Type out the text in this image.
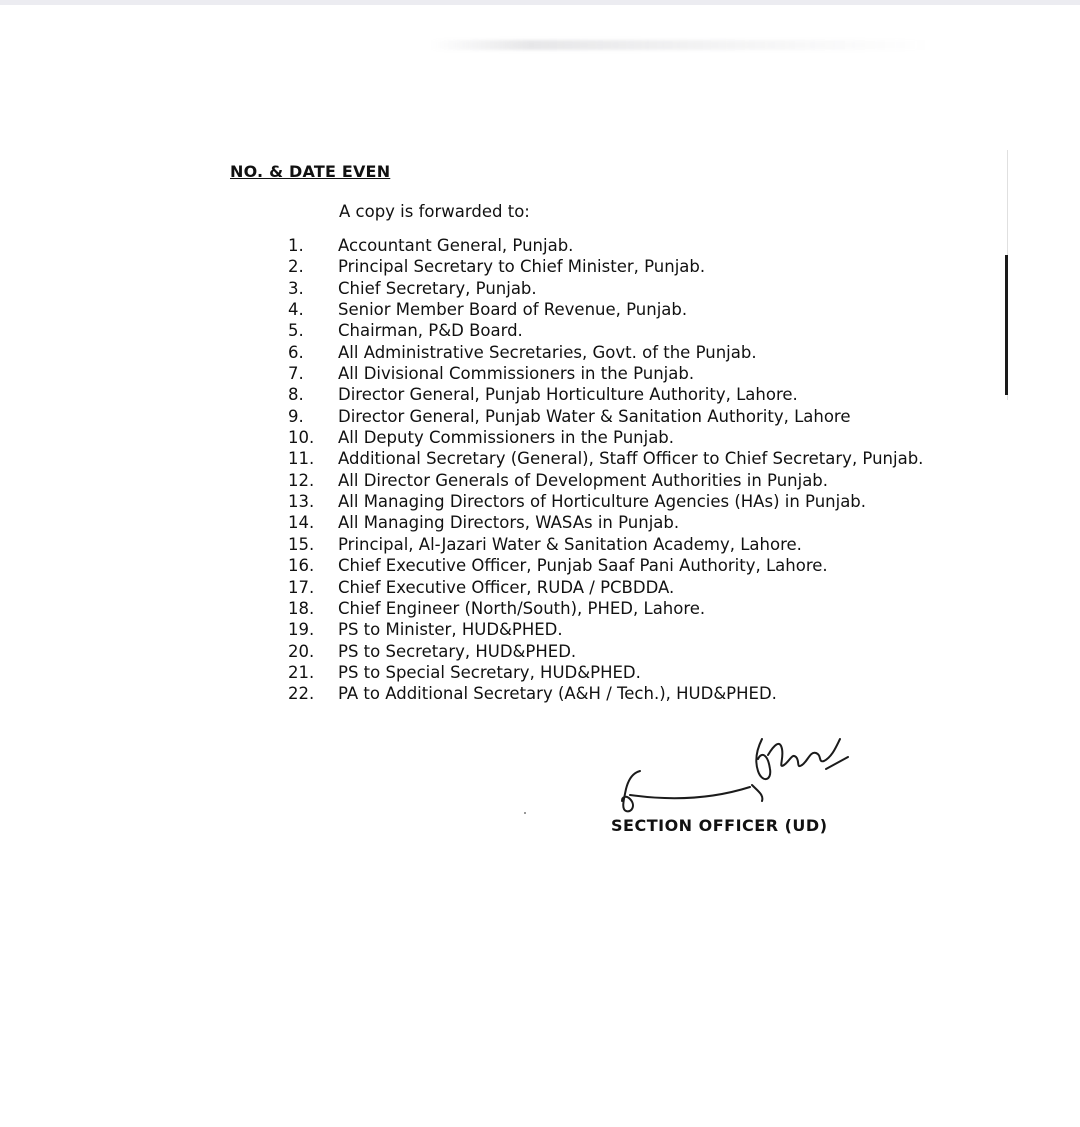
NO. & DATE EVEN
A copy is forwarded to:
1.	Accountant General, Punjab.
2.	Principal Secretary to Chief Minister, Punjab.
3.	Chief Secretary, Punjab.
4.	Senior Member Board of Revenue, Punjab.
5.	Chairman, P&D Board.
6.	All Administrative Secretaries, Govt. of the Punjab.
7.	All Divisional Commissioners in the Punjab.
8.	Director General, Punjab Horticulture Authority, Lahore.
9.	Director General, Punjab Water & Sanitation Authority, Lahore
10.	All Deputy Commissioners in the Punjab.
11.	Additional Secretary (General), Staff Officer to Chief Secretary, Punjab.
12.	All Director Generals of Development Authorities in Punjab.
13.	All Managing Directors of Horticulture Agencies (HAs) in Punjab.
14.	All Managing Directors, WASAs in Punjab.
15.	Principal, Al-Jazari Water & Sanitation Academy, Lahore.
16.	Chief Executive Officer, Punjab Saaf Pani Authority, Lahore.
17.	Chief Executive Officer, RUDA / PCBDDA.
18.	Chief Engineer (North/South), PHED, Lahore.
19.	PS to Minister, HUD&PHED.
20.	PS to Secretary, HUD&PHED.
21.	PS to Special Secretary, HUD&PHED.
22.	PA to Additional Secretary (A&H / Tech.), HUD&PHED.
SECTION OFFICER (UD)
